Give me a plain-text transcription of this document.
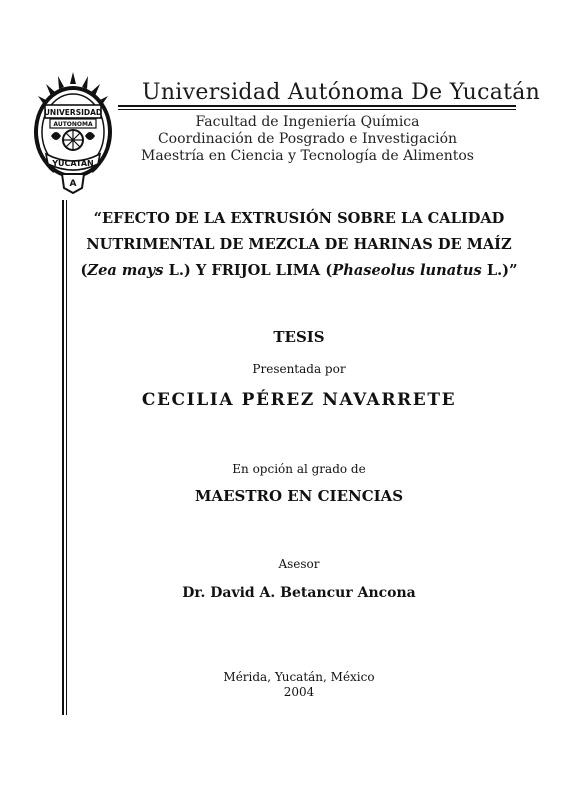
UNIVERSIDAD
AUTONOMA
YUCATAN
A
Universidad Autónoma De Yucatán
Facultad de Ingeniería Química
Coordinación de Posgrado e Investigación
Maestría en Ciencia y Tecnología de Alimentos
“EFECTO DE LA EXTRUSIÓN SOBRE LA CALIDAD
NUTRIMENTAL DE MEZCLA DE HARINAS DE MAÍZ
(Zea mays L.) Y FRIJOL LIMA (Phaseolus lunatus L.)”
TESIS
Presentada por
CECILIA PÉREZ NAVARRETE
En opción al grado de
MAESTRO EN CIENCIAS
Asesor
Dr. David A. Betancur Ancona
Mérida, Yucatán, México
2004
